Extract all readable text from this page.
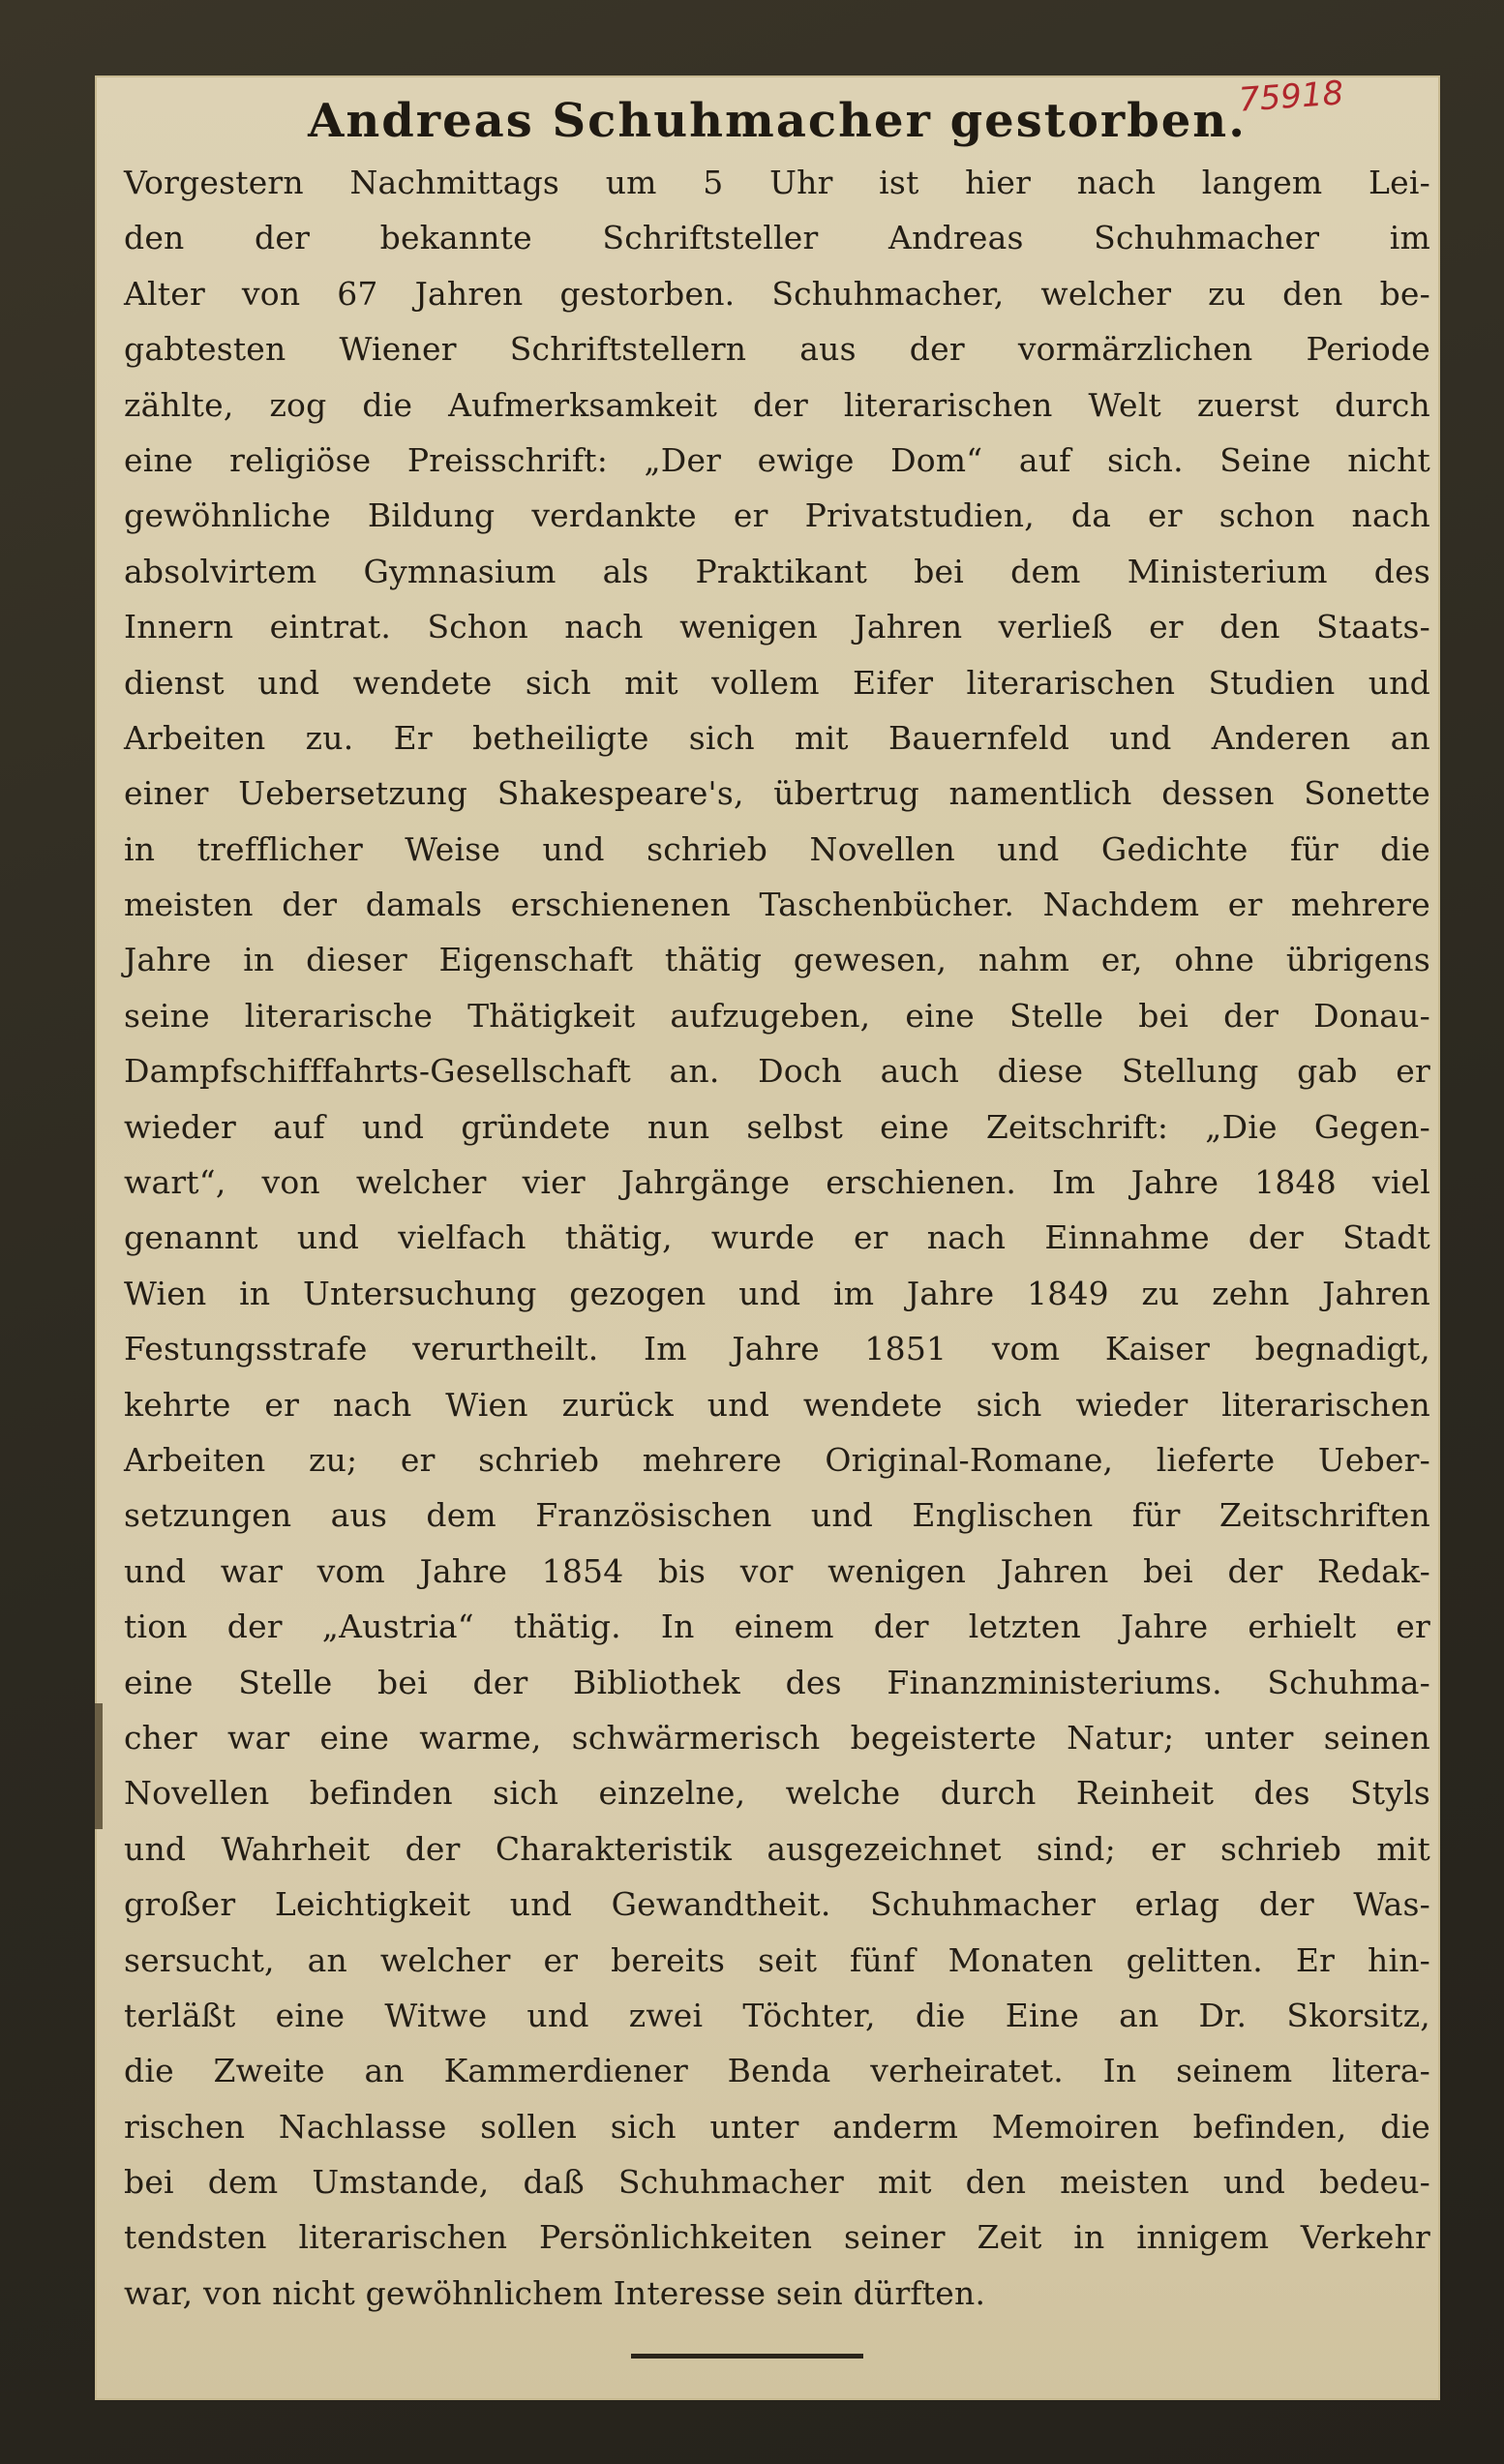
75918
Andreas Schuhmacher gestorben.
Vorgestern Nachmittags um 5 Uhr ist hier nach langem Lei-
den der bekannte Schriftsteller Andreas Schuhmacher im
Alter von 67 Jahren gestorben. Schuhmacher, welcher zu den be-
gabtesten Wiener Schriftstellern aus der vormärzlichen Periode
zählte, zog die Aufmerksamkeit der literarischen Welt zuerst durch
eine religiöse Preisschrift: „Der ewige Dom“ auf sich. Seine nicht
gewöhnliche Bildung verdankte er Privatstudien, da er schon nach
absolvirtem Gymnasium als Praktikant bei dem Ministerium des
Innern eintrat. Schon nach wenigen Jahren verließ er den Staats-
dienst und wendete sich mit vollem Eifer literarischen Studien und
Arbeiten zu. Er betheiligte sich mit Bauernfeld und Anderen an
einer Uebersetzung Shakespeare's, übertrug namentlich dessen Sonette
in trefflicher Weise und schrieb Novellen und Gedichte für die
meisten der damals erschienenen Taschenbücher. Nachdem er mehrere
Jahre in dieser Eigenschaft thätig gewesen, nahm er, ohne übrigens
seine literarische Thätigkeit aufzugeben, eine Stelle bei der Donau-
Dampfschifffahrts-Gesellschaft an. Doch auch diese Stellung gab er
wieder auf und gründete nun selbst eine Zeitschrift: „Die Gegen-
wart“, von welcher vier Jahrgänge erschienen. Im Jahre 1848 viel
genannt und vielfach thätig, wurde er nach Einnahme der Stadt
Wien in Untersuchung gezogen und im Jahre 1849 zu zehn Jahren
Festungsstrafe verurtheilt. Im Jahre 1851 vom Kaiser begnadigt,
kehrte er nach Wien zurück und wendete sich wieder literarischen
Arbeiten zu; er schrieb mehrere Original-Romane, lieferte Ueber-
setzungen aus dem Französischen und Englischen für Zeitschriften
und war vom Jahre 1854 bis vor wenigen Jahren bei der Redak-
tion der „Austria“ thätig. In einem der letzten Jahre erhielt er
eine Stelle bei der Bibliothek des Finanzministeriums. Schuhma-
cher war eine warme, schwärmerisch begeisterte Natur; unter seinen
Novellen befinden sich einzelne, welche durch Reinheit des Styls
und Wahrheit der Charakteristik ausgezeichnet sind; er schrieb mit
großer Leichtigkeit und Gewandtheit. Schuhmacher erlag der Was-
sersucht, an welcher er bereits seit fünf Monaten gelitten. Er hin-
terläßt eine Witwe und zwei Töchter, die Eine an Dr. Skorsitz,
die Zweite an Kammerdiener Benda verheiratet. In seinem litera-
rischen Nachlasse sollen sich unter anderm Memoiren befinden, die
bei dem Umstande, daß Schuhmacher mit den meisten und bedeu-
tendsten literarischen Persönlichkeiten seiner Zeit in innigem Verkehr
war, von nicht gewöhnlichem Interesse sein dürften.
